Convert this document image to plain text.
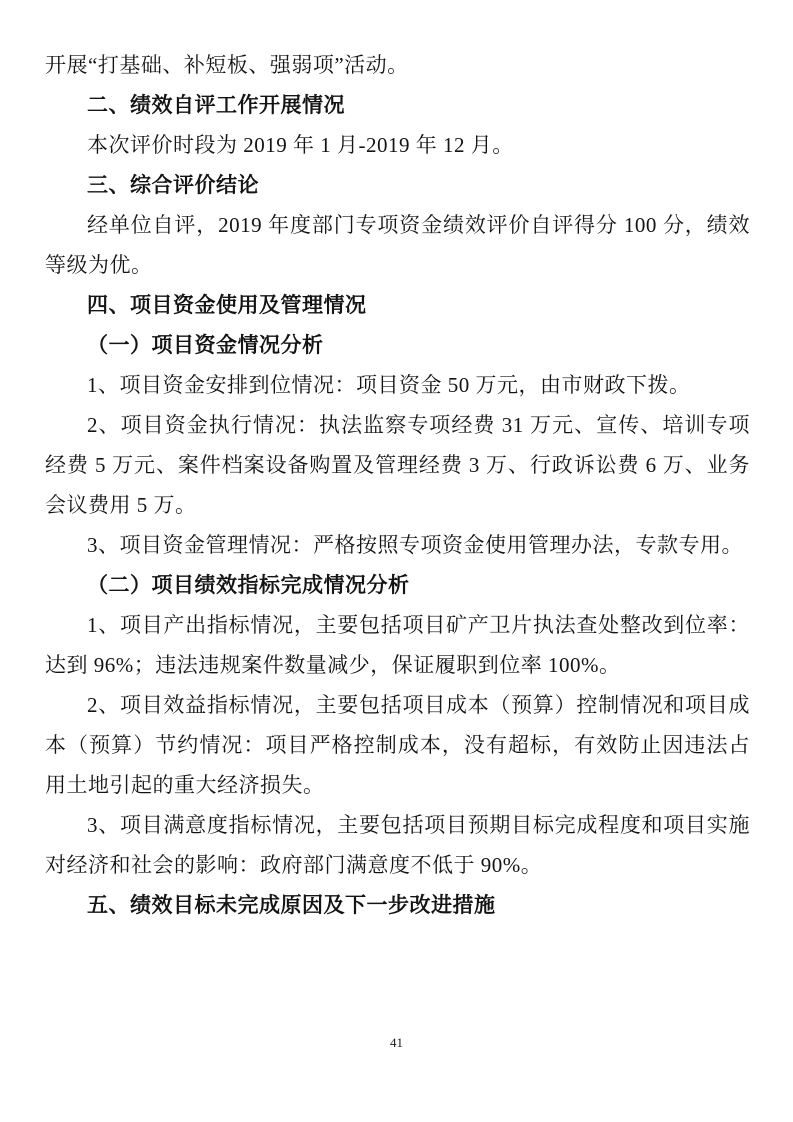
开展“打基础、补短板、强弱项”活动。

二、绩效自评工作开展情况

本次评价时段为 2019 年 1 月-2019 年 12 月。

三、综合评价结论

经单位自评，2019 年度部门专项资金绩效评价自评得分 100 分，绩效等级为优。

四、项目资金使用及管理情况

（一）项目资金情况分析

1、项目资金安排到位情况：项目资金 50 万元，由市财政下拨。

2、项目资金执行情况：执法监察专项经费 31 万元、宣传、培训专项经费 5 万元、案件档案设备购置及管理经费 3 万、行政诉讼费 6 万、业务会议费用 5 万。

3、项目资金管理情况：严格按照专项资金使用管理办法，专款专用。

（二）项目绩效指标完成情况分析

1、项目产出指标情况，主要包括项目矿产卫片执法查处整改到位率：达到 96%；违法违规案件数量减少，保证履职到位率 100%。

2、项目效益指标情况，主要包括项目成本（预算）控制情况和项目成本（预算）节约情况：项目严格控制成本，没有超标，有效防止因违法占用土地引起的重大经济损失。

3、项目满意度指标情况，主要包括项目预期目标完成程度和项目实施对经济和社会的影响：政府部门满意度不低于 90%。

五、绩效目标未完成原因及下一步改进措施

41
